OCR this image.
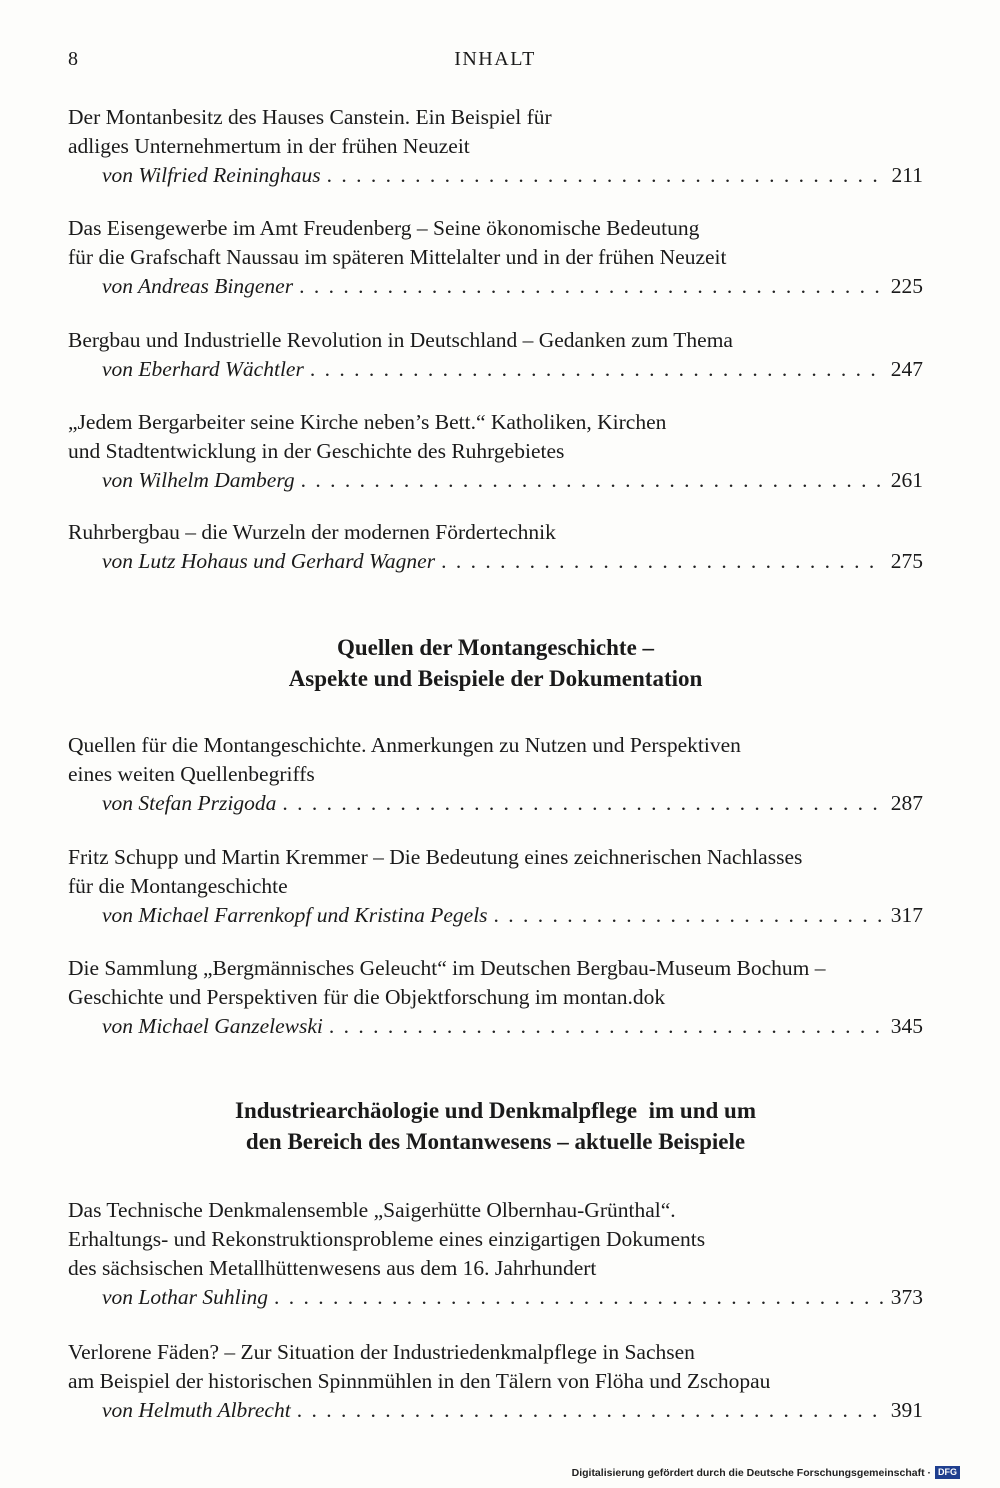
8	INHALT
Der Montanbesitz des Hauses Canstein. Ein Beispiel für
adliges Unternehmertum in der frühen Neuzeit
von Wilfried Reininghaus . . .	211
Das Eisengewerbe im Amt Freudenberg – Seine ökonomische Bedeutung
für die Grafschaft Naussau im späteren Mittelalter und in der frühen Neuzeit
von Andreas Bingener . . .	225
Bergbau und Industrielle Revolution in Deutschland – Gedanken zum Thema
von Eberhard Wächtler . . .	247
„Jedem Bergarbeiter seine Kirche neben’s Bett.“ Katholiken, Kirchen
und Stadtentwicklung in der Geschichte des Ruhrgebietes
von Wilhelm Damberg . . .	261
Ruhrbergbau – die Wurzeln der modernen Fördertechnik
von Lutz Hohaus und Gerhard Wagner . . .	275
Quellen der Montangeschichte –
Aspekte und Beispiele der Dokumentation
Quellen für die Montangeschichte. Anmerkungen zu Nutzen und Perspektiven
eines weiten Quellenbegriffs
von Stefan Przigoda . . .	287
Fritz Schupp und Martin Kremmer – Die Bedeutung eines zeichnerischen Nachlasses
für die Montangeschichte
von Michael Farrenkopf und Kristina Pegels . . .	317
Die Sammlung „Bergmännisches Geleucht“ im Deutschen Bergbau-Museum Bochum –
Geschichte und Perspektiven für die Objektforschung im montan.dok
von Michael Ganzelewski . . .	345
Industriearchäologie und Denkmalpflege  im und um
den Bereich des Montanwesens – aktuelle Beispiele
Das Technische Denkmalensemble „Saigerhütte Olbernhau-Grünthal“.
Erhaltungs- und Rekonstruktionsprobleme eines einzigartigen Dokuments
des sächsischen Metallhüttenwesens aus dem 16. Jahrhundert
von Lothar Suhling . . .	373
Verlorene Fäden? – Zur Situation der Industriedenkmalpflege in Sachsen
am Beispiel der historischen Spinnmühlen in den Tälern von Flöha und Zschopau
von Helmuth Albrecht . . .	391
Digitalisierung gefördert durch die Deutsche Forschungsgemeinschaft · DFG
